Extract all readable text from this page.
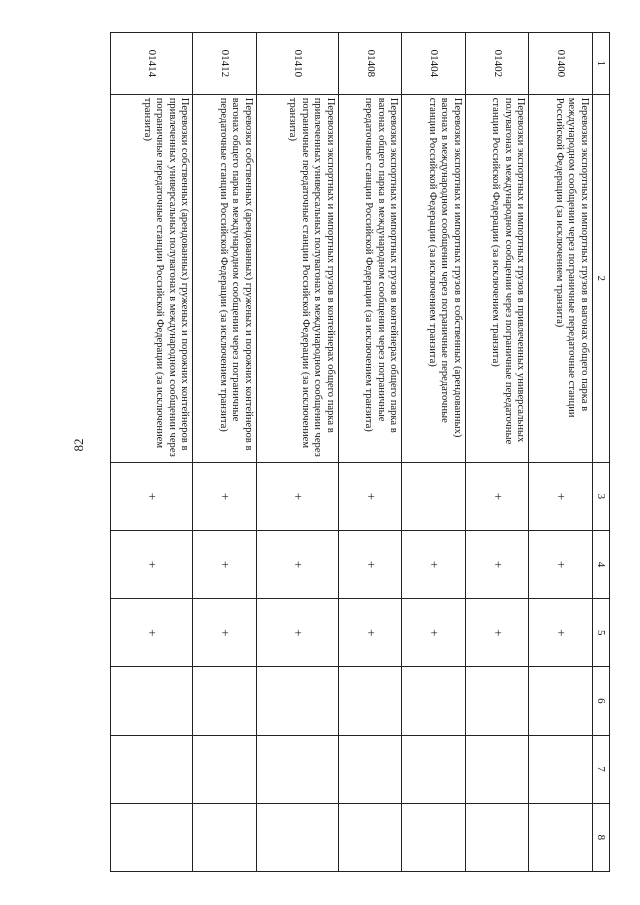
82
1	2	3	4	5	6	7	8
01400	Перевозки экспортных и импортных грузов в вагонах общего парка в международном сообщении через пограничные передаточные станции Российской Федерации (за исключением транзита)	+	+	+			
01402	Перевозки экспортных и импортных грузов в привлеченных универсальных полувагонах в международном сообщении через пограничные передаточные станции Российской Федерации (за исключением транзита)	+	+	+			
01404	Перевозки экспортных и импортных грузов в собственных (арендованных) вагонах в международном сообщении через пограничные передаточные станции Российской Федерации (за исключением транзита)		+	+			
01408	Перевозки экспортных и импортных грузов в контейнерах общего парка в вагонах общего парка в международном сообщении через пограничные передаточные станции Российской Федерации (за исключением транзита)	+	+	+			
01410	Перевозки экспортных и импортных грузов в контейнерах общего парка в привлеченных универсальных полувагонах в международном сообщении через пограничные передаточные станции Российской Федерации (за исключением транзита)	+	+	+			
01412	Перевозки собственных (арендованных) груженых и порожних контейнеров в вагонах общего парка в международном сообщении через пограничные передаточные станции Российской Федерации (за исключением транзита)	+	+	+			
01414	Перевозки собственных (арендованных) груженых и порожних контейнеров в привлеченных универсальных полувагонах в международном сообщении через пограничные передаточные станции Российской Федерации (за исключением транзита)	+	+	+			
